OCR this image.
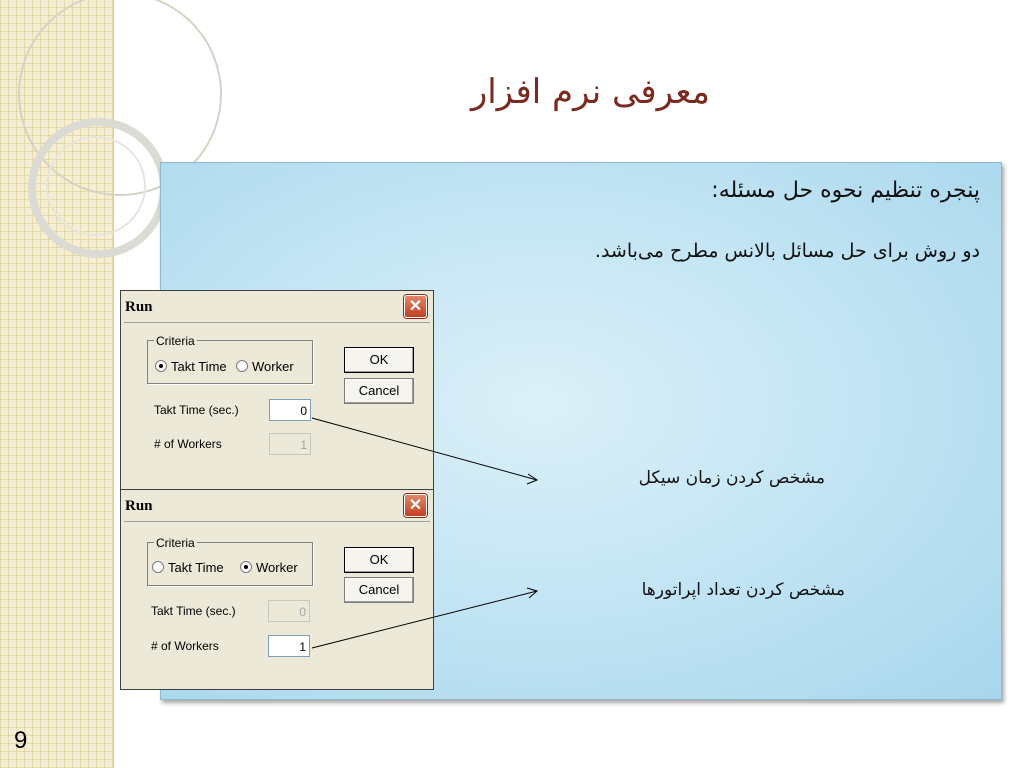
9
معرفی نرم افزار
پنجره تنظیم نحوه حل مسئله:
دو روش برای حل مسائل بالانس مطرح می‌باشد.
مشخص کردن زمان سیکل
مشخص کردن تعداد اپراتورها
Run	✕
Criteria
Takt Time	Worker	OK
Cancel
Takt Time (sec.)	0
# of Workers	1
Run	✕
Criteria
Takt Time	Worker
OK
Cancel
Takt Time (sec.)	0
# of Workers	1
